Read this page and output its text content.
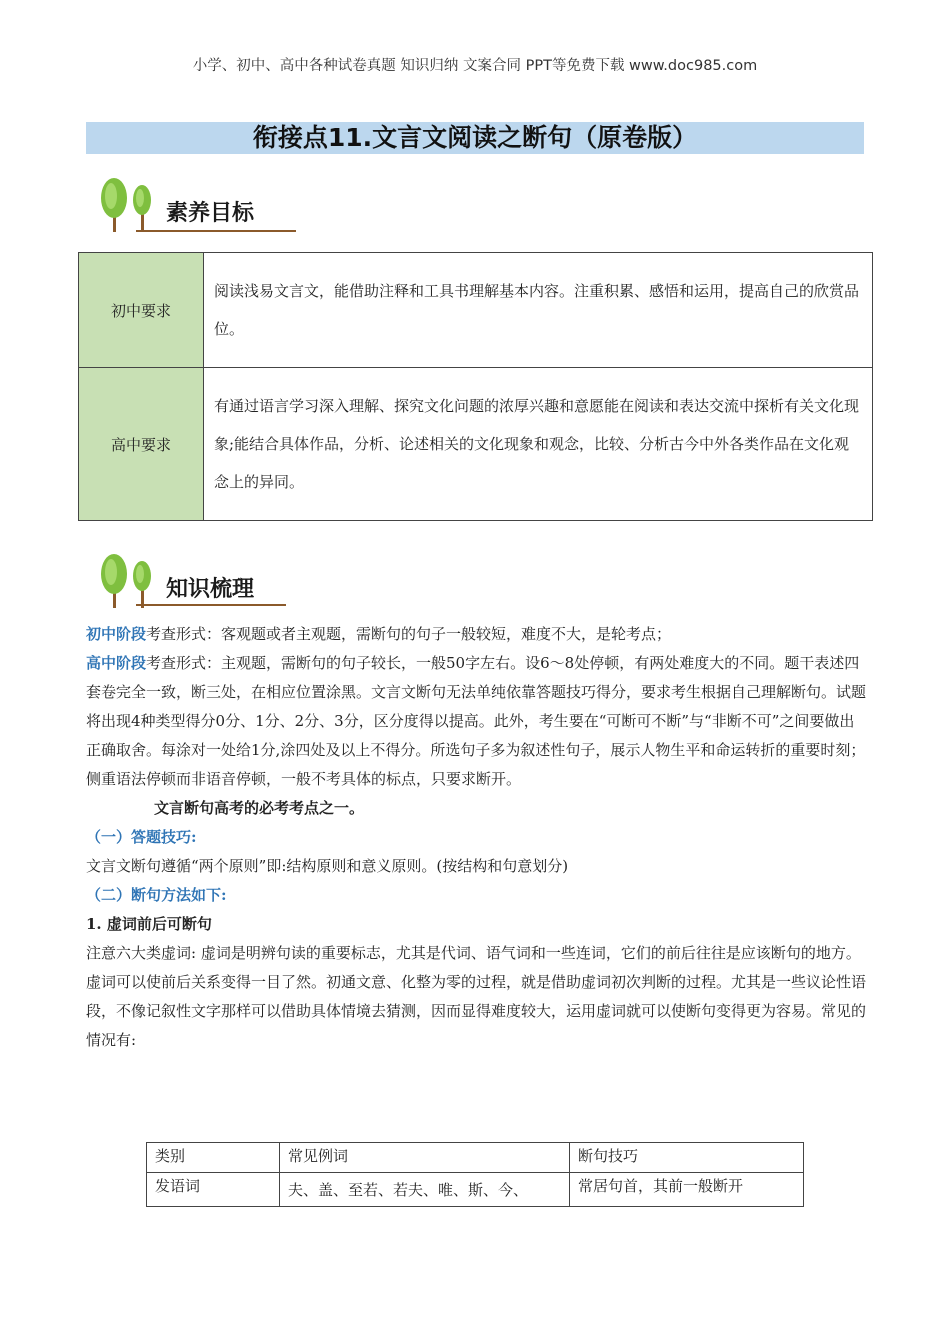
小学、初中、高中各种试卷真题 知识归纳 文案合同 PPT等免费下载 www.doc985.com
衔接点11.文言文阅读之断句（原卷版）
素养目标
初中要求	阅读浅易文言文，能借助注释和工具书理解基本内容。注重积累、感悟和运用，提高自己的欣赏品位。
高中要求	有通过语言学习深入理解、探究文化问题的浓厚兴趣和意愿能在阅读和表达交流中探析有关文化现象;能结合具体作品，分析、论述相关的文化现象和观念，比较、分析古今中外各类作品在文化观念上的异同。
知识梳理

初中阶段考查形式：客观题或者主观题，需断句的句子一般较短，难度不大，是轮考点；

高中阶段考查形式：主观题，需断句的句子较长，一般50字左右。设6～8处停顿，有两处难度大的不同。题干表述四套卷完全一致，断三处，在相应位置涂黑。文言文断句无法单纯依靠答题技巧得分，要求考生根据自己理解断句。试题将出现4种类型得分0分、1分、2分、3分，区分度得以提高。此外，考生要在“可断可不断”与“非断不可”之间要做出正确取舍。每涂对一处给1分,涂四处及以上不得分。所选句子多为叙述性句子，展示人物生平和命运转折的重要时刻；侧重语法停顿而非语音停顿，一般不考具体的标点，只要求断开。

文言断句高考的必考考点之一。

（一）答题技巧:

文言文断句遵循“两个原则”即:结构原则和意义原则。(按结构和句意划分)

（二）断句方法如下:

1. 虚词前后可断句

注意六大类虚词: 虚词是明辨句读的重要标志，尤其是代词、语气词和一些连词，它们的前后往往是应该断句的地方。虚词可以使前后关系变得一目了然。初通文意、化整为零的过程，就是借助虚词初次判断的过程。尤其是一些议论性语段，不像记叙性文字那样可以借助具体情境去猜测，因而显得难度较大，运用虚词就可以使断句变得更为容易。常见的情况有:

类别	常见例词	断句技巧
发语词	夫、盖、至若、若夫、唯、斯、今、	常居句首，其前一般断开
